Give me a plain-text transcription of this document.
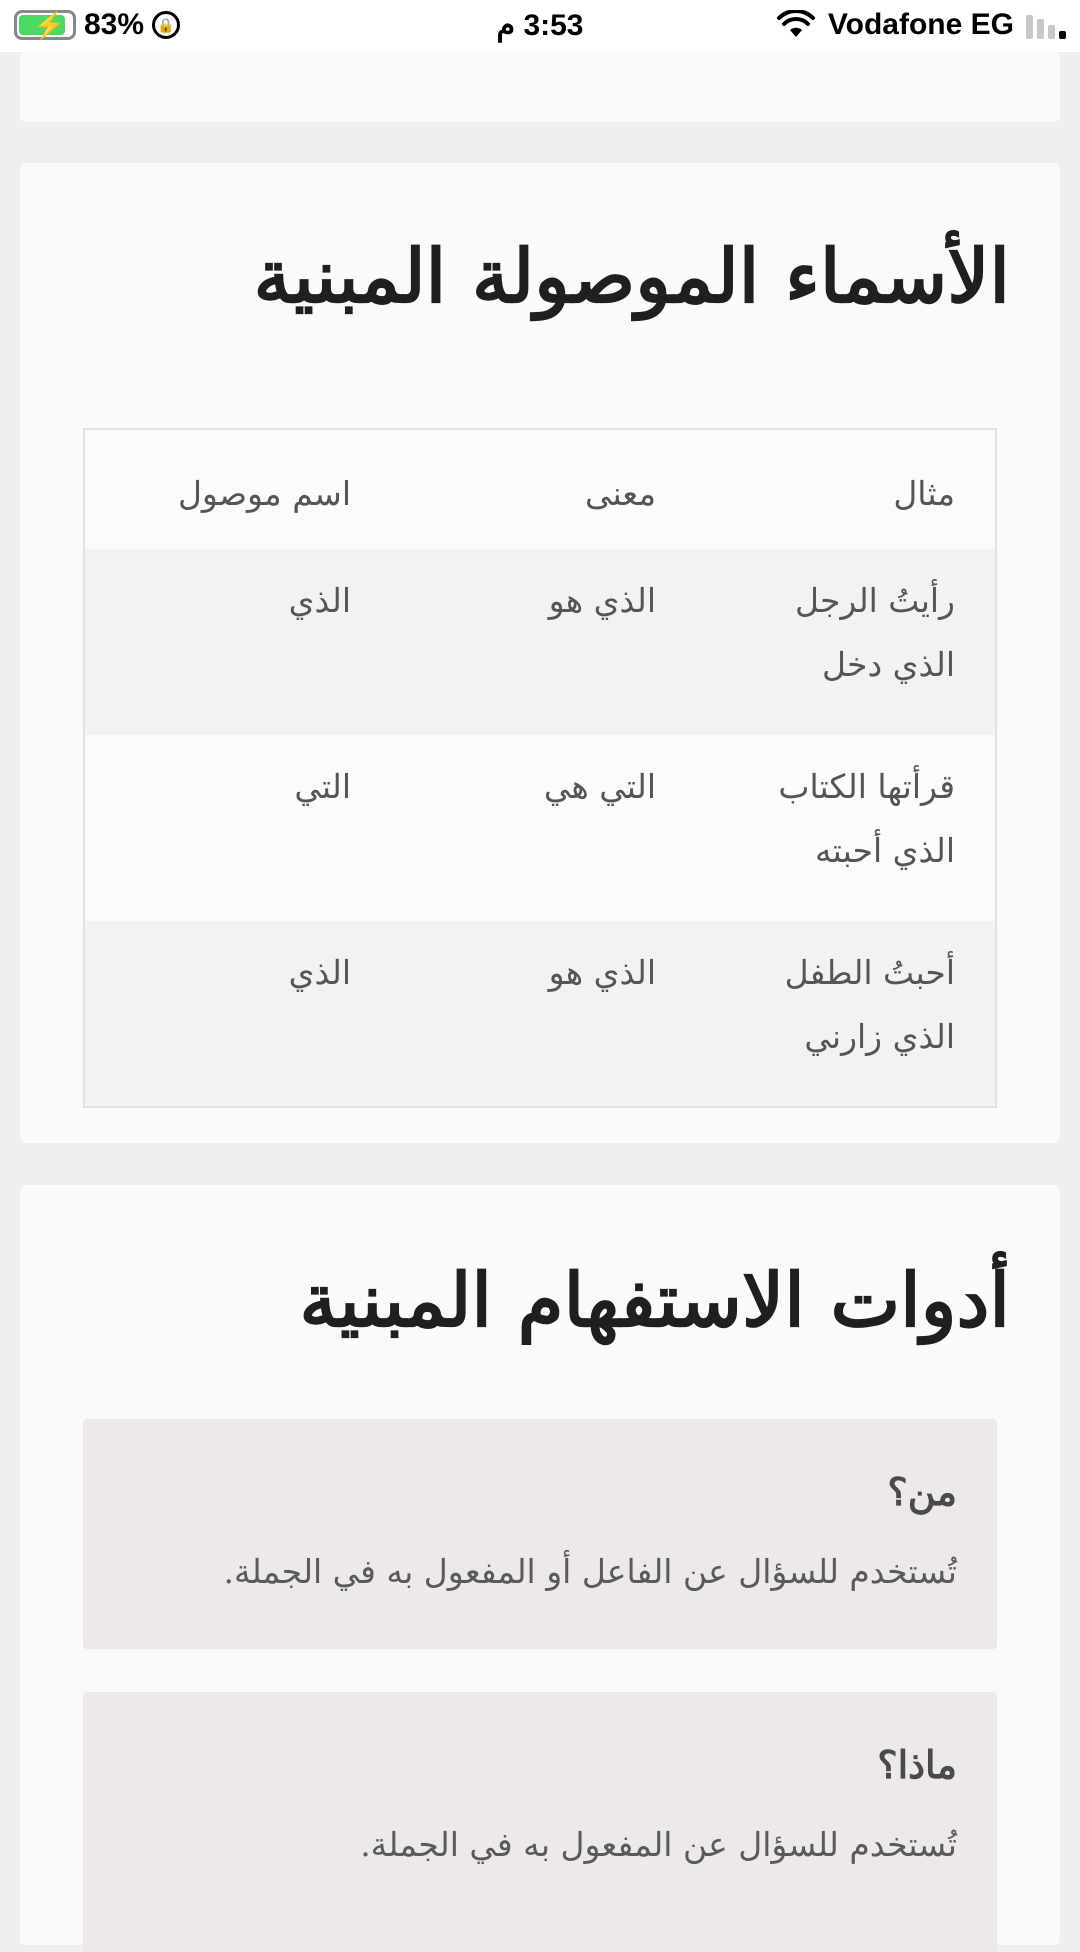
⚡ 83% 🔒	3:53 م	Vodafone EG
الأسماء الموصولة المبنية
مثال	معنى	اسم موصول
رأيتُ الرجل الذي دخل	الذي هو	الذي
قرأتها الكتاب الذي أحبته	التي هي	التي
أحبتُ الطفل الذي زارني	الذي هو	الذي
أدوات الاستفهام المبنية
من؟
تُستخدم للسؤال عن الفاعل أو المفعول به في الجملة.
ماذا؟
تُستخدم للسؤال عن المفعول به في الجملة.
